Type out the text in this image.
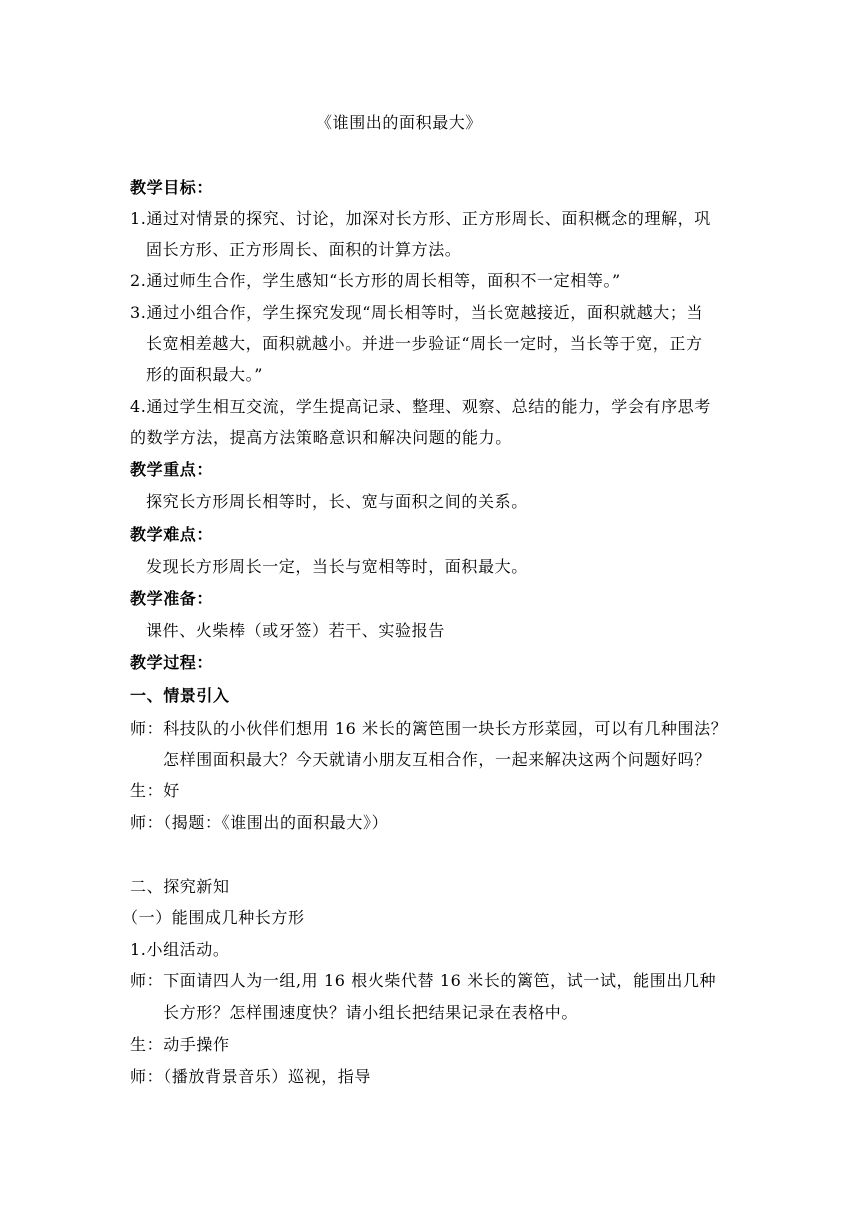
《谁围出的面积最大》
教学目标：
1.通过对情景的探究、讨论，加深对长方形、正方形周长、面积概念的理解，巩
固长方形、正方形周长、面积的计算方法。
2.通过师生合作，学生感知“长方形的周长相等，面积不一定相等。”
3.通过小组合作，学生探究发现“周长相等时，当长宽越接近，面积就越大；当
长宽相差越大，面积就越小。并进一步验证“周长一定时，当长等于宽，正方
形的面积最大。”
4.通过学生相互交流，学生提高记录、整理、观察、总结的能力，学会有序思考
的数学方法，提高方法策略意识和解决问题的能力。
教学重点：
探究长方形周长相等时，长、宽与面积之间的关系。
教学难点：
发现长方形周长一定，当长与宽相等时，面积最大。
教学准备：
课件、火柴棒（或牙签）若干、实验报告
教学过程：
一、情景引入
师：科技队的小伙伴们想用 16 米长的篱笆围一块长方形菜园，可以有几种围法？
怎样围面积最大？今天就请小朋友互相合作，一起来解决这两个问题好吗？
生：好
师：（揭题：《谁围出的面积最大》）
二、探究新知
（一）能围成几种长方形
1.小组活动。
师：下面请四人为一组,用 16 根火柴代替 16 米长的篱笆，试一试，能围出几种
长方形？怎样围速度快？请小组长把结果记录在表格中。
生：动手操作
师：（播放背景音乐）巡视，指导
